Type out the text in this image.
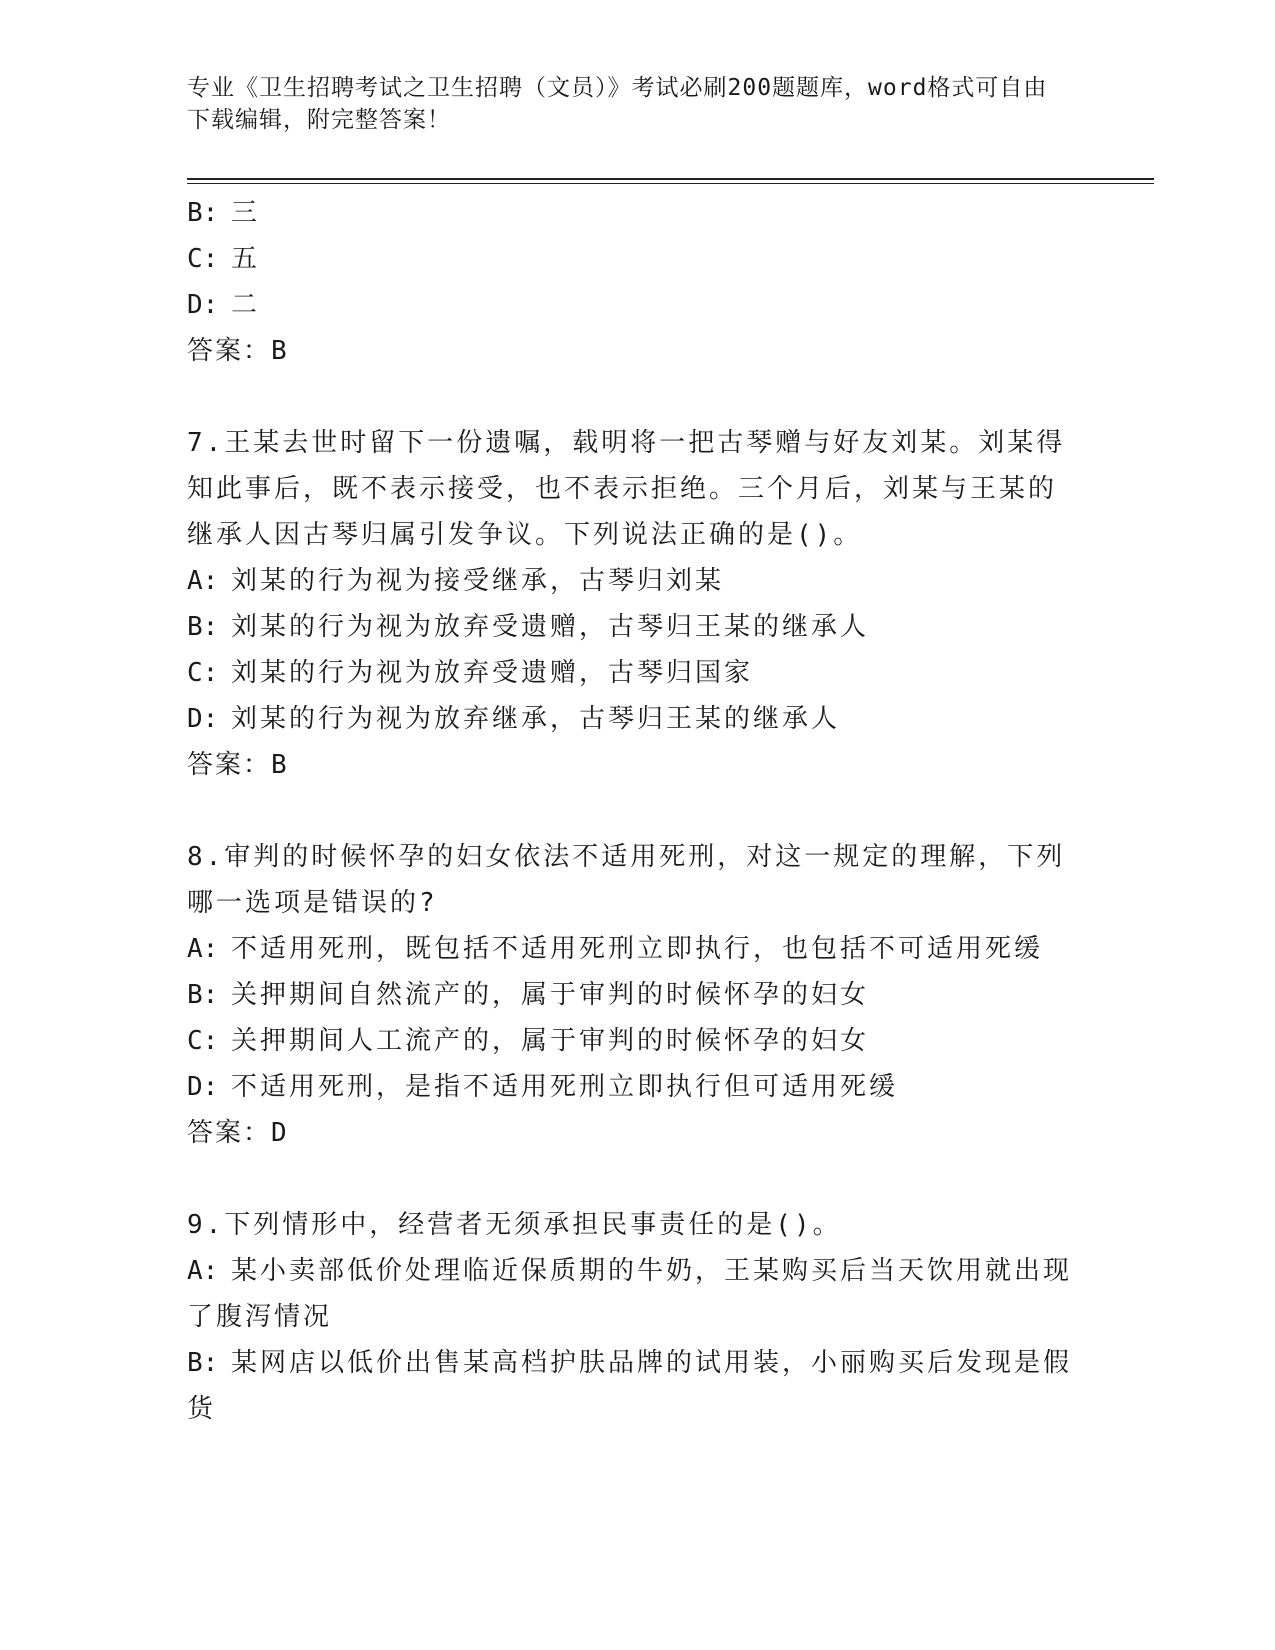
专业《卫生招聘考试之卫生招聘（文员）》考试必刷200题题库，word格式可自由下载编辑，附完整答案！
B: 三
C: 五
D: 二
答案：B
7.王某去世时留下一份遗嘱，载明将一把古琴赠与好友刘某。刘某得
知此事后，既不表示接受，也不表示拒绝。三个月后，刘某与王某的
继承人因古琴归属引发争议。下列说法正确的是()。
A: 刘某的行为视为接受继承，古琴归刘某
B: 刘某的行为视为放弃受遗赠，古琴归王某的继承人
C: 刘某的行为视为放弃受遗赠，古琴归国家
D: 刘某的行为视为放弃继承，古琴归王某的继承人
答案：B
8.审判的时候怀孕的妇女依法不适用死刑，对这一规定的理解，下列
哪一选项是错误的?
A: 不适用死刑，既包括不适用死刑立即执行，也包括不可适用死缓
B: 关押期间自然流产的，属于审判的时候怀孕的妇女
C: 关押期间人工流产的，属于审判的时候怀孕的妇女
D: 不适用死刑，是指不适用死刑立即执行但可适用死缓
答案：D
9.下列情形中，经营者无须承担民事责任的是()。
A: 某小卖部低价处理临近保质期的牛奶，王某购买后当天饮用就出现
了腹泻情况
B: 某网店以低价出售某高档护肤品牌的试用装，小丽购买后发现是假
货
